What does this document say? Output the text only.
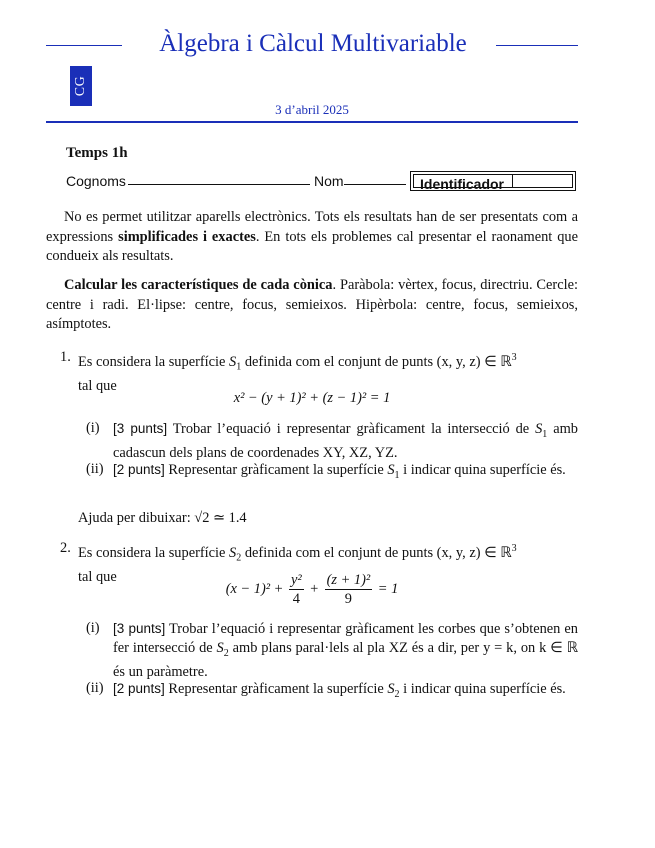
Àlgebra i Càlcul Multivariable
CG
3 d’abril 2025
Temps 1h
Cognoms	Nom	Identificador
No es permet utilitzar aparells electrònics. Tots els resultats han de ser presentats com a expressions simplificades i exactes. En tots els problemes cal presentar el raonament que condueix als resultats.
Calcular les característiques de cada cònica. Paràbola: vèrtex, focus, directriu. Cercle: centre i radi. El·lipse: centre, focus, semieixos. Hipèrbola: centre, focus, semieixos, asímptotes.
1. Es considera la superfície $S_1$ definida com el conjunt de punts (x, y, z) ∈ ℝ$^3$
tal que
x² − (y + 1)² + (z − 1)² = 1
(i) [3 punts] Trobar l’equació i representar gràficament la intersecció de $S_1$ amb cadascun dels plans de coordenades XY, XZ, YZ.
(ii) [2 punts] Representar gràficament la superfície $S_1$ i indicar quina superfície és.
Ajuda per dibuixar: √2 ≃ 1.4
2. Es considera la superfície $S_2$ definida com el conjunt de punts (x, y, z) ∈ ℝ$^3$
tal que
$(x - 1)^2 + \frac{\text{y²}}{4} + \frac{\text{(z + 1)²}}{9} = 1$
(i) [3 punts] Trobar l’equació i representar gràficament les corbes que s’obtenen en fer intersecció de $S_2$ amb plans paral·lels al pla XZ és a dir, per y = k, on k ∈ ℝ és un paràmetre.
(ii) [2 punts] Representar gràficament la superfície $S_2$ i indicar quina superfície és.
